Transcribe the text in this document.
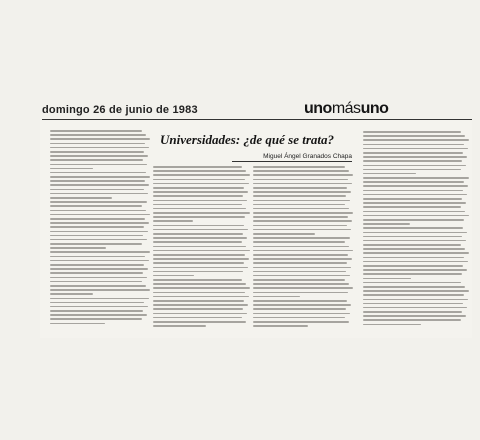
domingo 26 de junio de 1983	unomásuno
Universidades: ¿de qué se trata?
Miguel Ángel Granados Chapa
